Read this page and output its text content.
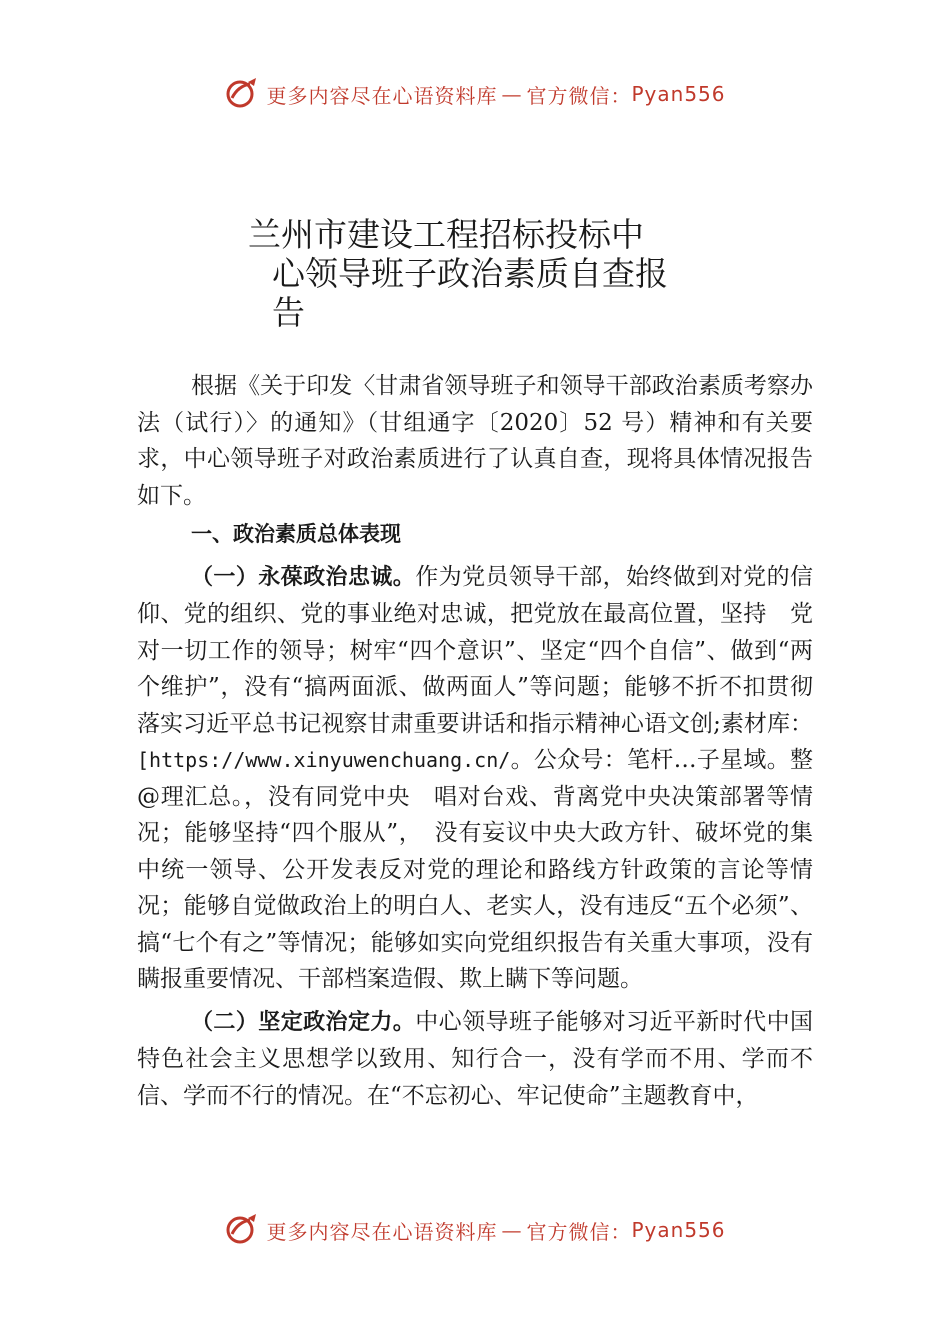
更多内容尽在心语资料库 — 官方微信： Pyan556
兰州市建设工程招标投标中
心领导班子政治素质自查报
告

根据《关于印发〈甘肃省领导班子和领导干部政治素质考察办法（试行）〉的通知》（甘组通字〔2020〕52 号）精神和有关要求，中心领导班子对政治素质进行了认真自查，现将具体情况报告如下。

一、政治素质总体表现

（一）永葆政治忠诚。作为党员领导干部，始终做到对党的信仰、党的组织、党的事业绝对忠诚，把党放在最高位置，坚持　党对一切工作的领导；树牢“四个意识”、坚定“四个自信”、做到“两　个维护”，没有“搞两面派、做两面人”等问题；能够不折不扣贯彻　落实习近平总书记视察甘肃重要讲话和指示精神心语文创;素材库：[https://www.xinyuwenchuang.cn/。公众号：笔杆…子星域。整@理汇总。，没有同党中央　唱对台戏、背离党中央决策部署等情况；能够坚持“四个服从”，　没有妄议中央大政方针、破坏党的集中统一领导、公开发表反对党的理论和路线方针政策的言论等情况；能够自觉做政治上的明白人、老实人，没有违反“五个必须”、搞“七个有之”等情况；能够如实向党组织报告有关重大事项，没有瞒报重要情况、干部档案造假、欺上瞒下等问题。

（二）坚定政治定力。中心领导班子能够对习近平新时代中国特色社会主义思想学以致用、知行合一，没有学而不用、学而不信、学而不行的情况。在“不忘初心、牢记使命”主题教育中，

更多内容尽在心语资料库 — 官方微信： Pyan556
